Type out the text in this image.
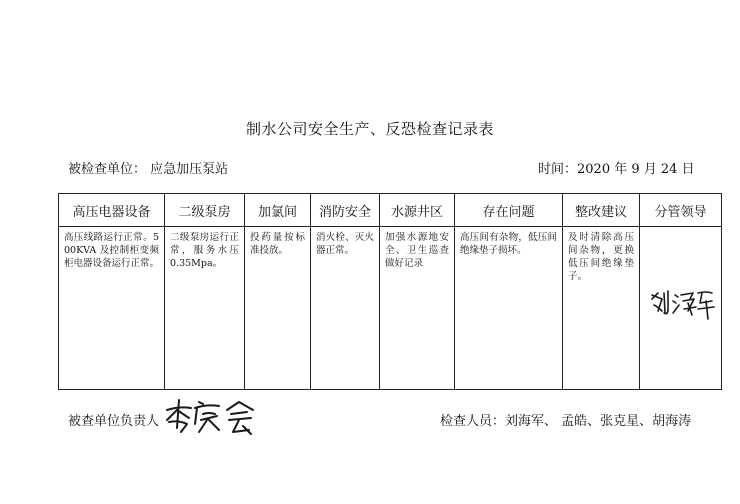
制水公司安全生产、反恐检查记录表
被检查单位： 应急加压泵站	时间：2020 年 9 月 24 日
高压电器设备	二级泵房	加氯间	消防安全	水源井区	存在问题	整改建议	分管领导

高压线路运行正常。500KVA 及控制柜变频柜电器设备运行正常。	二级泵房运行正常，服务水压 0.35Mpa。	投药量按标准投放。	消火栓、灭火器正常。	加强水源地安全、卫生巡查做好记录	高压间有杂物，低压间绝缘垫子损坏。	及时清除高压间杂物，更换低压间绝缘垫子。

被查单位负责人	检查人员：刘海军、 孟皓、张克星、胡海涛
